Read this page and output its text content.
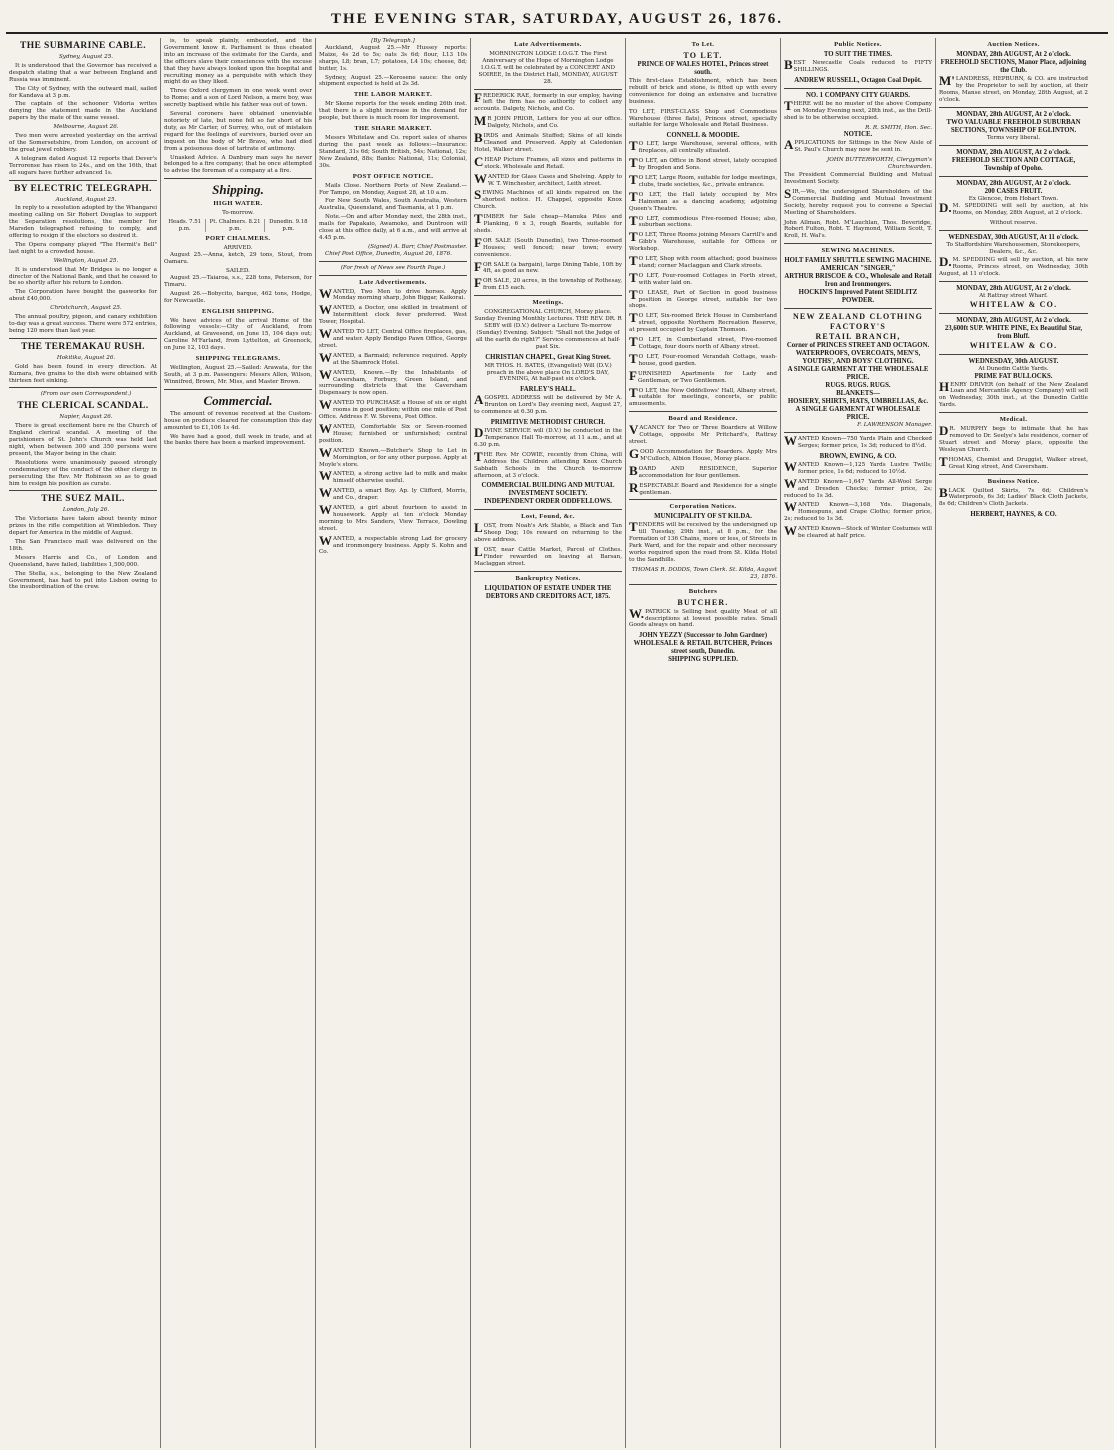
THE EVENING STAR, SATURDAY, AUGUST 26, 1876.
THE SUBMARINE CABLE.
Sydney, August 25.
It is understood that the Governor has received a despatch stating that a war between England and Russia was imminent.
The City of Sydney, with the outward mail, sailed for Kandava at 3 p.m.
The captain of the schooner Vidoria writes denying the statement made in the Auckland papers by the mate of the same vessel.
Melbourne, August 26.
Two men were arrested yesterday on the arrival of the Somersetshire, from London, on account of the great jewel robbery.
A telegram dated August 12 reports that Dever's Terrorense has risen to 24s., and on the 16th, that all sugars have further advanced 1s.
BY ELECTRIC TELEGRAPH.
Auckland, August 25.
In reply to a resolution adopted by the Whangarei meeting calling on Sir Robert Douglas to support the Separation resolutions, the member for Marsden telegraphed refusing to comply, and offering to resign if the electors so desired it.
The Opera company played "The Hermit's Bell" last night to a crowded house.
Wellington, August 25.
It is understood that Mr Bridges is no longer a director of the National Bank, and that he ceased to be so shortly after his return to London.
The Corporation have bought the gasworks for about £40,000.
Christchurch, August 25.
The annual poultry, pigeon, and canary exhibition to-day was a great success. There were 572 entries, being 120 more than last year.
THE TEREMAKAU RUSH.
Hokitika, August 26.
Gold has been found in every direction. At Kumara, five grains to the dish were obtained with thirteen feet sinking.
(From our own Correspondent.)
THE CLERICAL SCANDAL.
Napier, August 26.
There is great excitement here re the Church of England clerical scandal. A meeting of the parishioners of St. John's Church was held last night, when between 300 and 350 persons were present, the Mayor being in the chair.
Resolutions were unanimously passed strongly condemnatory of the conduct of the other clergy in persecuting the Rev. Mr Robinson so as to goad him to resign his position as curate.
THE SUEZ MAIL.
London, July 26.
The Victorians have taken about twenty minor prizes in the rifle competition at Wimbledon. They depart for America in the middle of August.
The San Francisco mail was delivered on the 18th.
Messrs Harris and Co., of London and Queensland, have failed, liabilities 1,500,000.
The Stella, s.s., belonging to the New Zealand Government, has had to put into Lisbon owing to the insubordination of the crew.
is, to speak plainly, embezzled, and the Government know it. Parliament is thus cheated into an increase of the estimate for the Cards, and the officers slave their consciences with the excuse that they have always looked upon the hospital and recruiting money as a perquisite with which they might do as they liked.
Three Oxford clergymen in one week went over to Rome; and a son of Lord Nelson, a mere boy, was secretly baptised while his father was out of town.
Several coroners have obtained unenviable notoriety of late, but none fell so far short of his duty, as Mr Carter, of Surrey, who, out of mistaken regard for the feelings of survivors, buried over an inquest on the body of Mr Bravo, who had died from a poisonous dose of tartrate of antimony.
Unasked Advice. A Danbury man says he never belonged to a fire company; that he once attempted to advise the foreman of a company at a fire.
Shipping.
HIGH WATER.
To-morrow.
Heads. 7.51 p.m.	Pt. Chalmers. 8.21 p.m.	Dunedin. 9.18 p.m.
PORT CHALMERS.
ARRIVED.
August 25.—Anna, ketch, 29 tons, Stout, from Oamaru.
SAILED.
August 25.—Taiaroa, s.s., 228 tons, Peterson, for Timaru.
August 26.—Bobycito, barque, 462 tons, Hodge, for Newcastle.
ENGLISH SHIPPING.
We have advices of the arrival Home of the following vessels:—City of Auckland, from Auckland, at Gravesend, on June 15, 104 days out; Caroline M'Farland, from Lyttelton, at Greenock, on June 12, 103 days.
SHIPPING TELEGRAMS.
Wellington, August 25.—Sailed: Arawata, for the South, at 3 p.m. Passengers: Messrs Allen, Wilson, Winnifred, Brown, Mr. Miss, and Master Brown.
Commercial.
The amount of revenue received at the Custom-house on produce cleared for consumption this day amounted to £1,106 1s 4d.
We have had a good, dull week in trade, and at the banks there has been a marked improvement.
[By Telegraph.]
Auckland, August 25.—Mr Hussey reports: Maize, 4s 2d to 5s; oats 3s 6d; flour, L13 10s sharps, L8; bran, L7; potatoes, L4 10s; cheese, 8d; butter, 1s.
Sydney, August 25.—Kerosene sauce: the only shipment expected is held at 2s 3d.
THE LABOR MARKET.
Mr Skene reports for the week ending 26th inst. that there is a slight increase in the demand for people, but there is much room for improvement.
THE SHARE MARKET.
Messrs Whitelaw and Co. report sales of shares during the past week as follows:—Insurance: Standard, 31s 6d; South British, 54s; National, 12s; New Zealand, 88s; Banks: National, 11s; Colonial, 30s.
POST OFFICE NOTICE.
Mails Close. Northern Ports of New Zealand.—For Tampo, on Monday, August 28, at 10 a.m.
For New South Wales, South Australia, Western Australia, Queensland, and Tasmania, at 1 p.m.
Note.—On and after Monday next, the 28th inst., mails for Papakaio, Awamoko, and Duntroon will close at this office daily, at 6 a.m., and will arrive at 4.45 p.m.
(Signed) A. Barr, Chief Postmaster.
Chief Post Office, Dunedin, August 26, 1876.
(For fresh of News see Fourth Page.)
Late Advertisements.
WANTED, Two Men to drive horses. Apply Monday morning sharp, John Biggar, Kaikorai.
WANTED, a Doctor, one skilled in treatment of Intermittent clock fever preferred. West Tower, Hospital.
WANTED TO LET, Central Office fireplaces, gas, and water. Apply Bendigo Pawn Office, George street.
WANTED, a Barmaid; reference required. Apply at the Shamrock Hotel.
WANTED, Known.—By the Inhabitants of Caversham, Forbury, Green Island, and surrounding districts that the Caversham Dispensary is now open.
WANTED TO PURCHASE a House of six or eight rooms in good position; within one mile of Post Office. Address F. W. Stevens, Post Office.
WANTED, Comfortable Six or Seven-roomed House; furnished or unfurnished; central position.
WANTED Known.—Butcher's Shop to Let in Mornington, or for any other purpose. Apply at Moyle's store.
WANTED, a strong active lad to milk and make himself otherwise useful.
WANTED, a smart Boy. Ap. ly Clifford, Morris, and Co., draper.
WANTED, a girl about fourteen to assist in housework. Apply at ten o'clock Monday morning to Mrs Sanders, View Terrace, Dowling street.
WANTED, a respectable strong Lad for grocery and ironmongery business. Apply S. Kohn and Co.
Late Advertisements.
MORNINGTON LODGE I.O.G.T. The First Anniversary of the Hope of Mornington Lodge I.O.G.T. will be celebrated by a CONCERT AND SOIREE, In the District Hall, MONDAY, AUGUST 28.
FREDERICK RAE, formerly in our employ, having left the firm has no authority to collect any accounts. Dalgety, Nichols, and Co.
MR JOHN PRIOR, Letters for you at our office. Dalgety, Nichols, and Co.
BIRDS and Animals Stuffed; Skins of all kinds Cleaned and Preserved. Apply at Caledonian Hotel, Walker street.
CHEAP Picture Frames, all sizes and patterns in stock. Wholesale and Retail.
WANTED for Glass Cases and Shelving. Apply to W. T. Winchester, architect, Leith street.
SEWING Machines of all kinds repaired on the shortest notice. H. Chappel, opposite Knox Church.
TIMBER for Sale cheap—Manuka Piles and Planking, 6 x 3, rough Boards, suitable for sheds.
FOR SALE (South Dunedin), two Three-roomed Houses; well fenced; near town; every convenience.
FOR SALE (a bargain), large Dining Table, 10ft by 4ft, as good as new.
FOR SALE, 20 acres, in the township of Rothesay, from £15 each.
Meetings.
CONGREGATIONAL CHURCH, Moray place. Sunday Evening Monthly Lectures. THE REV. DR. R SEBY will (D.V.) deliver a Lecture To-morrow (Sunday) Evening. Subject: "Shall not the Judge of all the earth do right?" Service commences at half-past Six.
CHRISTIAN CHAPEL, Great King Street.
MR THOS. H. BATES, (Evangelist) Will (D.V.) preach in the above place On LORD'S DAY, EVENING, At half-past six o'clock.
FARLEY'S HALL.
AGOSPEL ADDRESS will be delivered by Mr A. Brunton on Lord's Day evening next, August 27, to commence at 6.30 p.m.
PRIMITIVE METHODIST CHURCH.
DIVINE SERVICE will (D.V.) be conducted in the Temperance Hall To-morrow, at 11 a.m., and at 6.30 p.m.
THE Rev. Mr COWIE, recently from China, will Address the Children attending Knox Church Sabbath Schools in the Church to-morrow afternoon, at 3 o'clock.
COMMERCIAL BUILDING AND MUTUAL INVESTMENT SOCIETY.
INDEPENDENT ORDER ODDFELLOWS.
Lost, Found, &c.
LOST, from Noah's Ark Stable, a Black and Tan Sheep Dog; 10s reward on returning to the above address.
LOST, near Cattle Market, Parcel of Clothes. Finder rewarded on leaving at Barsan, Maclaggan street.
Bankruptcy Notices.
LIQUIDATION OF ESTATE UNDER THE DEBTORS AND CREDITORS ACT, 1875.
To Let.
TO LET.
PRINCE OF WALES HOTEL, Princes street south.
This first-class Establishment, which has been rebuilt of brick and stone, is fitted up with every convenience for doing an extensive and lucrative business.
TO LET, FIRST-CLASS Shop and Commodious Warehouse (three flats), Princes street, specially suitable for large Wholesale and Retail Business.
CONNELL & MOODIE.
TO LET, large Warehouse, several offices, with fireplaces, all centrally situated.
TO LET, an Office in Bond street, lately occupied by Brogden and Sons.
TO LET, Large Room, suitable for lodge meetings, clubs, trade societies, &c., private entrance.
TO LET, the Hall lately occupied by Mrs Hainsman as a dancing academy, adjoining Queen's Theatre.
TO LET, commodious Five-roomed House; also, suburban sections.
TO LET, Three Rooms joining Messrs Carrill's and Gibb's Warehouse, suitable for Offices or Workshop.
TO LET, Shop with room attached; good business stand; corner Maclaggan and Clark streets.
TO LET, Four-roomed Cottages in Forth street, with water laid on.
TO LEASE, Part of Section in good business position in George street, suitable for two shops.
TO LET, Six-roomed Brick House in Cumberland street, opposite Northern Recreation Reserve, at present occupied by Captain Thomson.
TO LET, in Cumberland street, Five-roomed Cottage, four doors north of Albany street.
TO LET, Four-roomed Verandah Cottage, wash-house, good garden.
FURNISHED Apartments for Lady and Gentleman, or Two Gentlemen.
TO LET, the New Oddfellows' Hall, Albany street, suitable for meetings, concerts, or public amusements.
Board and Residence.
VACANCY for Two or Three Boarders at Willow Cottage, opposite Mr Pritchard's, Rattray street.
GOOD Accommodation for Boarders. Apply Mrs M'Culloch, Albion House, Moray place.
BOARD AND RESIDENCE, Superior accommodation for four gentlemen.
RESPECTABLE Board and Residence for a single gentleman.
Corporation Notices.
MUNICIPALITY OF ST KILDA.
TENDERS will be received by the undersigned up till Tuesday, 29th inst., at 8 p.m., for the Formation of 136 Chains, more or less, of Streets in Park Ward, and for the repair and other necessary works required upon the road from St. Kilda Hotel to the Sandhills.
THOMAS R. DODDS, Town Clerk. St. Kilda, August 23, 1876.
Butchers
BUTCHER.
W.PATRICK is Selling best quality Meat of all descriptions at lowest possible rates. Small Goods always on hand.
JOHN YEZZY (Successor to John Gardner) WHOLESALE & RETAIL BUTCHER, Princes street south, Dunedin.
SHIPPING SUPPLIED.
Public Notices.
TO SUIT THE TIMES.
BEST Newcastle Coals reduced to FIFTY SHILLINGS.
ANDREW RUSSELL, Octagon Coal Depôt.
NO. 1 COMPANY CITY GUARDS.
THERE will be no muster of the above Company on Monday Evening next, 28th inst., as the Drill-shed is to be otherwise occupied.
R. R. SMITH, Hon. Sec.
NOTICE.
APPLICATIONS for Sittings in the New Aisle of St. Paul's Church may now be sent in.
JOHN BUTTERWORTH, Clergyman's Churchwarden.
The President Commercial Building and Mutual Investment Society.
SIR,—We, the undersigned Shareholders of the Commercial Building and Mutual Investment Society, hereby request you to convene a Special Meeting of Shareholders.
John Allman, Robt. M'Lauchlan, Thos. Beveridge, Robert Fulton, Robt. T. Haymond, William Scott, T. Kroll, H. Wal's.
SEWING MACHINES.
HOLT FAMILY SHUTTLE SEWING MACHINE.
AMERICAN "SINGER,"
ARTHUR BRISCOE & CO., Wholesale and Retail Iron and Ironmongers.
HOCKIN'S Improved Patent SEIDLITZ POWDER.
NEW ZEALAND CLOTHING FACTORY'S
RETAIL BRANCH,
Corner of PRINCES STREET AND OCTAGON.
WATERPROOFS, OVERCOATS, MEN'S, YOUTHS', AND BOYS' CLOTHING.
A SINGLE GARMENT AT THE WHOLESALE PRICE.
RUGS. RUGS. RUGS.
BLANKETS—
HOSIERY, SHIRTS, HATS, UMBRELLAS, &c.
A SINGLE GARMENT AT WHOLESALE PRICE.
F. LAWRENSON Manager.
WANTED Known—750 Yards Plain and Checked Serges; former price, 1s 3d; reduced to 8½d.
BROWN, EWING, & CO.
WANTED Known—1,125 Yards Lustre Twills; former price, 1s 6d; reduced to 10½d.
WANTED Known—1,647 Yards All-Wool Serge and Dresden Checks; former price, 2s; reduced to 1s 3d.
WANTED Known—3,168 Yds. Diagonals, Homespuns, and Crape Cloths; former price, 2s; reduced to 1s 3d.
WANTED Known—Stock of Winter Costumes will be cleared at half price.
Auction Notices.
MONDAY, 28th AUGUST, At 2 o'clock.
FREEHOLD SECTIONS, Manor Place, adjoining the Club.
M'LANDRESS, HEPBURN, & CO. are instructed by the Proprietor to sell by auction, at their Rooms, Manse street, on Monday, 28th August, at 2 o'clock.
MONDAY, 28th AUGUST, At 2 o'clock.
TWO VALUABLE FREEHOLD SUBURBAN SECTIONS, TOWNSHIP OF EGLINTON.
Terms very liberal.
MONDAY, 28th AUGUST, At 2 o'clock.
FREEHOLD SECTION AND COTTAGE, Township of Opoho.
MONDAY, 28th AUGUST, At 2 o'clock.
200 CASES FRUIT.
Ex Glencoe, from Hobart Town.
D.M. SPEDDING will sell by auction, at his Rooms, on Monday, 28th August, at 2 o'clock.
Without reserve.
WEDNESDAY, 30th AUGUST, At 11 o'clock.
To Staffordshire Warehousemen, Storekeepers, Dealers, &c., &c.
D.M. SPEDDING will sell by auction, at his new Rooms, Princes street, on Wednesday, 30th August, at 11 o'clock.
MONDAY, 28th AUGUST, At 2 o'clock.
At Rattray street Wharf.
WHITELAW & CO.
MONDAY, 28th AUGUST, At 2 o'clock.
23,600ft SUP. WHITE PINE, Ex Beautiful Star, from Bluff.
WHITELAW & CO.
WEDNESDAY, 30th AUGUST.
At Dunedin Cattle Yards.
PRIME FAT BULLOCKS.
HENRY DRIVER (on behalf of the New Zealand Loan and Mercantile Agency Company) will sell on Wednesday, 30th inst., at the Dunedin Cattle Yards.
Medical.
DR. MURPHY begs to intimate that he has removed to Dr. Seelye's late residence, corner of Stuart street and Moray place, opposite the Wesleyan Church.
THOMAS, Chemist and Druggist, Walker street, Great King street, And Caversham.
Business Notice.
BLACK Quilted Skirts, 7s 6d; Children's Waterproofs, 6s 3d; Ladies' Black Cloth Jackets, 8s 6d; Children's Cloth Jackets.
HERBERT, HAYNES, & CO.
